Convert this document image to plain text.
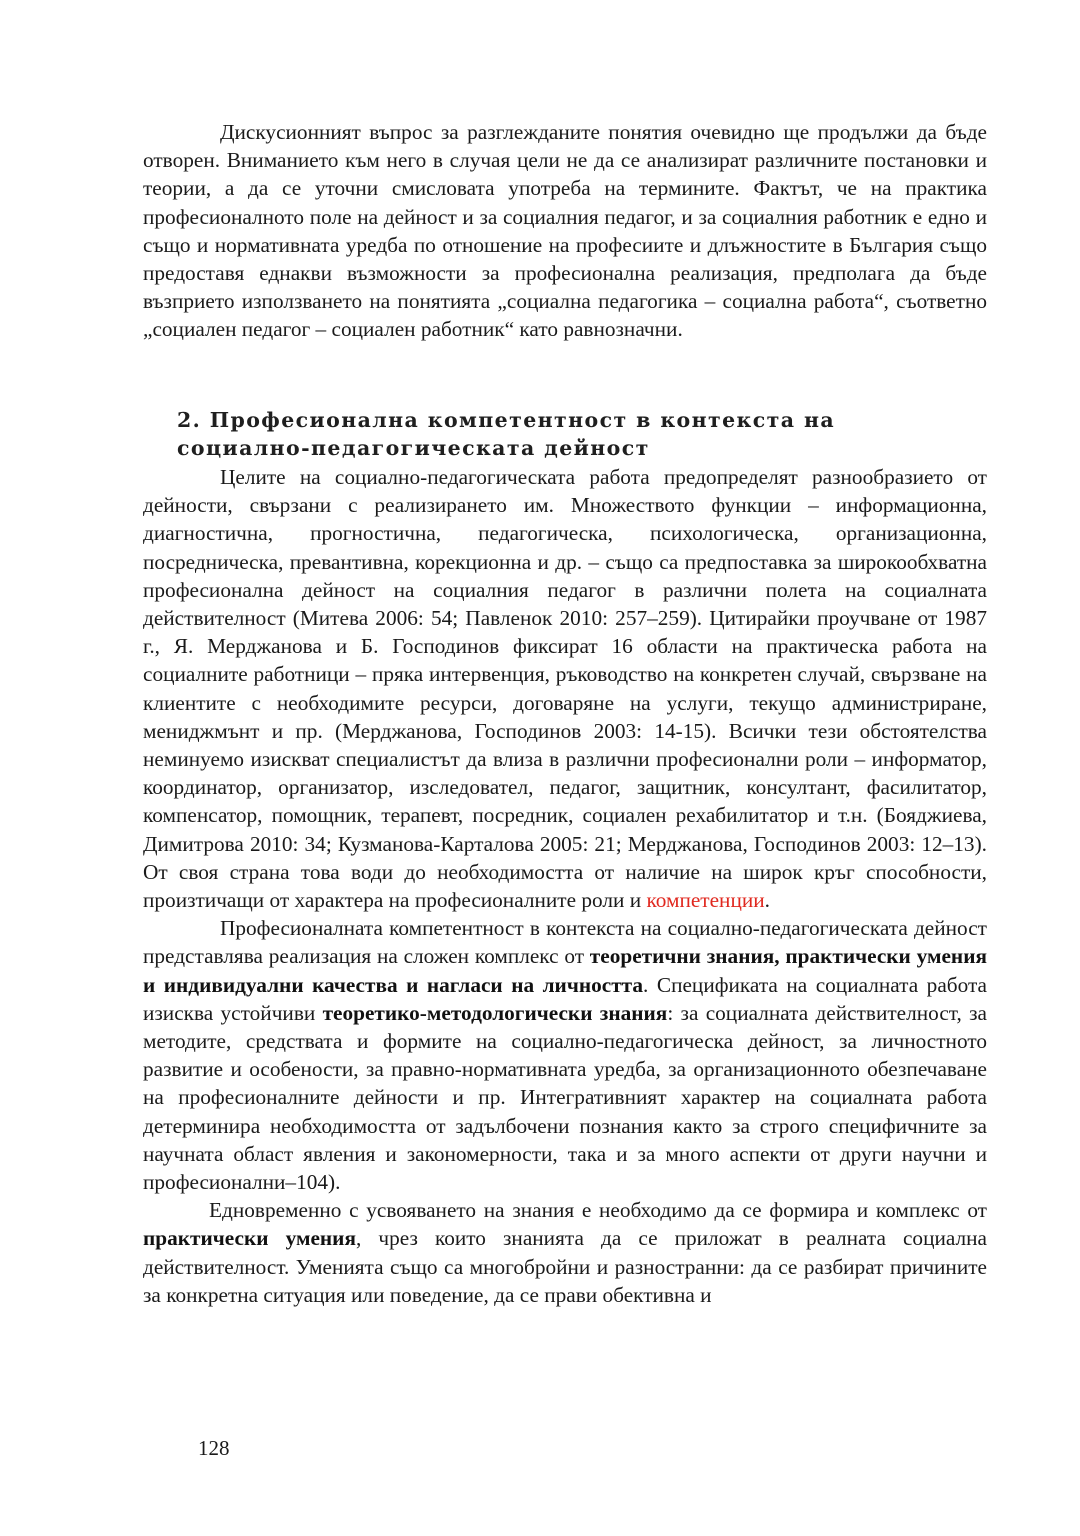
Дискусионният въпрос за разглежданите понятия очевидно ще продължи да бъде отворен. Вниманието към него в случая цели не да се анализират различните постановки и теории, а да се уточни смисловата употреба на термините. Фактът, че на практика професионалното поле на дейност и за социалния педагог, и за социалния работник е едно и също и нормативната уредба по отношение на професиите и длъжностите в България също предоставя еднакви възможности за професионална реализация, предполага да бъде възприето използването на понятията „социална педагогика – социална работа“, съответно „социален педагог – социален работник“ като равнозначни.

2. Професионална компетентност в контекста на
социално-педагогическата дейност

Целите на социално-педагогическата работа предопределят разнообразието от дейности, свързани с реализирането им. Множеството функции – информационна, диагностична, прогностична, педагогическа, психологическа, организационна, посредническа, превантивна, корекционна и др. – също са предпоставка за широкообхватна професионална дейност на социалния педагог в различни полета на социалната действителност (Митева 2006: 54; Павленок 2010: 257–259). Цитирайки проучване от 1987 г., Я. Мерджанова и Б. Господинов фиксират 16 области на практическа работа на социалните работници – пряка интервенция, ръководство на конкретен случай, свързване на клиентите с необходимите ресурси, договаряне на услуги, текущо администриране, мениджмънт и пр. (Мерджанова, Господинов 2003: 14-15). Всички тези обстоятелства неминуемо изискват специалистът да влиза в различни професионални роли – информатор, координатор, организатор, изследовател, педагог, защитник, консултант, фасилитатор, компенсатор, помощник, терапевт, посредник, социален рехабилитатор и т.н. (Бояджиева, Димитрова 2010: 34; Кузманова-Карталова 2005: 21; Мерджанова, Господинов 2003: 12–13). От своя страна това води до необходимостта от наличие на широк кръг способности, произтичащи от характера на професионалните роли и компетенции.

Професионалната компетентност в контекста на социално-педагогическата дейност представлява реализация на сложен комплекс от теоретични знания, практически умения и индивидуални качества и нагласи на личността. Спецификата на социалната работа изисква устойчиви теоретико-методологически знания: за социалната действителност, за методите, средствата и формите на социално-педагогическа дейност, за личностното развитие и особености, за правно-нормативната уредба, за организационното обезпечаване на професионалните дейности и пр. Интегративният характер на социалната работа детерминира необходимостта от задълбочени познания както за строго специфичните за научната област явления и закономерности, така и за много аспекти от други научни и професионални–104).

Едновременно с усвояването на знания е необходимо да се формира и комплекс от практически умения, чрез които знанията да се приложат в реалната социална действителност. Уменията също са многобройни и разностранни: да се разбират причините за конкретна ситуация или поведение, да се прави обективна и

128
